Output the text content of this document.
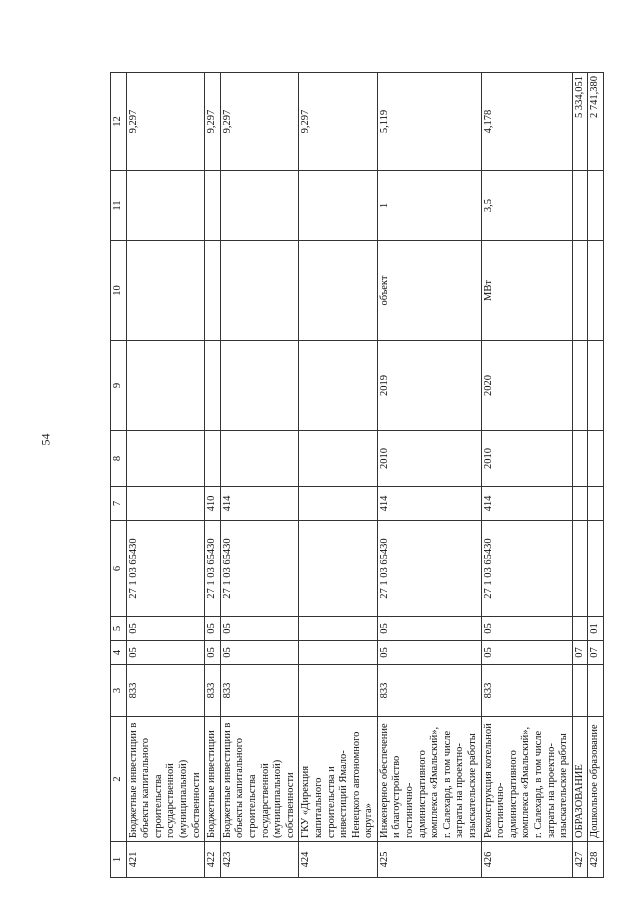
54
1	2	3	4	5	6	7	8	9	10	11	12
421	Бюджетные инвестиции в объекты капитального строительства государственной (муниципальной) собственности	833	05	05	27 1 03 65430						9,297
422	Бюджетные инвестиции	833	05	05	27 1 03 65430	410					9,297
423	Бюджетные инвестиции в объекты капитального строительства государственной (муниципальной) собственности	833	05	05	27 1 03 65430	414					9,297
424	ГКУ «Дирекция капитального строительства и инвестиций Ямало-Ненецкого автономного округа»										9,297
425	Инженерное обеспечение и благоустройство гостинично-административного комплекса «Ямальский», г. Салехард, в том числе затраты на проектно-изыскательские работы	833	05	05	27 1 03 65430	414	2010	2019	объект	1	5,119
426	Реконструкция котельной гостинично-административного комплекса «Ямальский», г. Салехард, в том числе затраты на проектно-изыскательские работы	833	05	05	27 1 03 65430	414	2010	2020	МВт	3,5	4,178
427	ОБРАЗОВАНИЕ		07								5 334,051
428	Дошкольное образование		07	01							2 741,380
